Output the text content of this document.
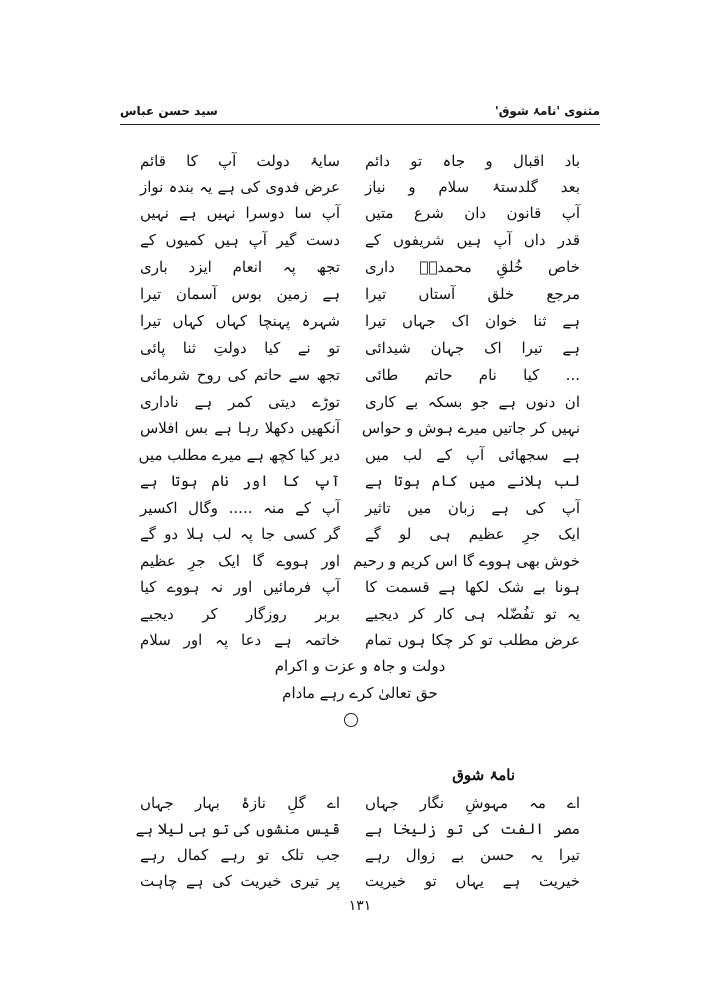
مثنوی 'نامۂ شوق'
سید حسن عباس
باد اقبال و جاہ تو دائم
سایۂ دولت آپ کا قائم
بعد گلدستۂ سلام و نیاز
عرض فدوی کی ہے یہ بندہ نواز
آپ قانون دان شرع متیں
آپ سا دوسرا نہیں ہے نہیں
قدر داں آپ ہیں شریفوں کے
دست گیر آپ ہیں کمیوں کے
خاص خُلقِ محمدیؐ داری
تجھ پہ انعام ایزد باری
مرجع خلق آستاں تیرا
ہے زمین بوس آسمان تیرا
ہے ثنا خوان اک جہاں تیرا
شہرہ پہنچا کہاں کہاں تیرا
ہے تیرا اک جہان شیدائی
تو نے کیا دولتِ ثنا پائی
... کیا نام حاتم طائی
تجھ سے حاتم کی روح شرمائی
ان دنوں ہے جو بسکہ بے کاری
توڑے دیتی کمر ہے ناداری
نہیں کر جاتیں میرے ہوش و حواس
آنکھیں دکھلا رہا ہے بس افلاس
ہے سجھائی آپ کے لب میں
دیر کیا کچھ ہے میرے مطلب میں
لب ہلانے میں کام ہوتا ہے
آپ کا اور نام ہوتا ہے
آپ کی ہے زبان میں تاثیر
آپ کے منہ ..... وگال اکسیر
ایک جرِ عظیم ہی لو گے
گر کسی جا پہ لب ہلا دو گے
خوش بھی ہووے گا اس کریم و رحیم
اور ہووے گا ایک جرِ عظیم
ہونا بے شک لکھا ہے قسمت کا
آپ فرمائیں اور نہ ہووے کیا
یہ تو تفُضّلہ ہی کار کر دیجیے
بربر روزگار کر دیجیے
عرض مطلب تو کر چکا ہوں تمام
خاتمہ ہے دعا پہ اور سلام
دولت و جاہ و عزت و اکرام
حق تعالیٰ کرے رہے مادام
نامۂ شوق
اے مہ مہوشِ نگار جہاں
اے گلِ نازۂ بہار جہاں
مصر الفت کی تو زلیخا ہے
قیس منشوں کی تو ہی لیلا ہے
تیرا یہ حسن بے زوال رہے
جب تلک تو رہے کمال رہے
خیریت ہے یہاں تو خیریت
پر تیری خیریت کی ہے چاہت
۱۳۱
